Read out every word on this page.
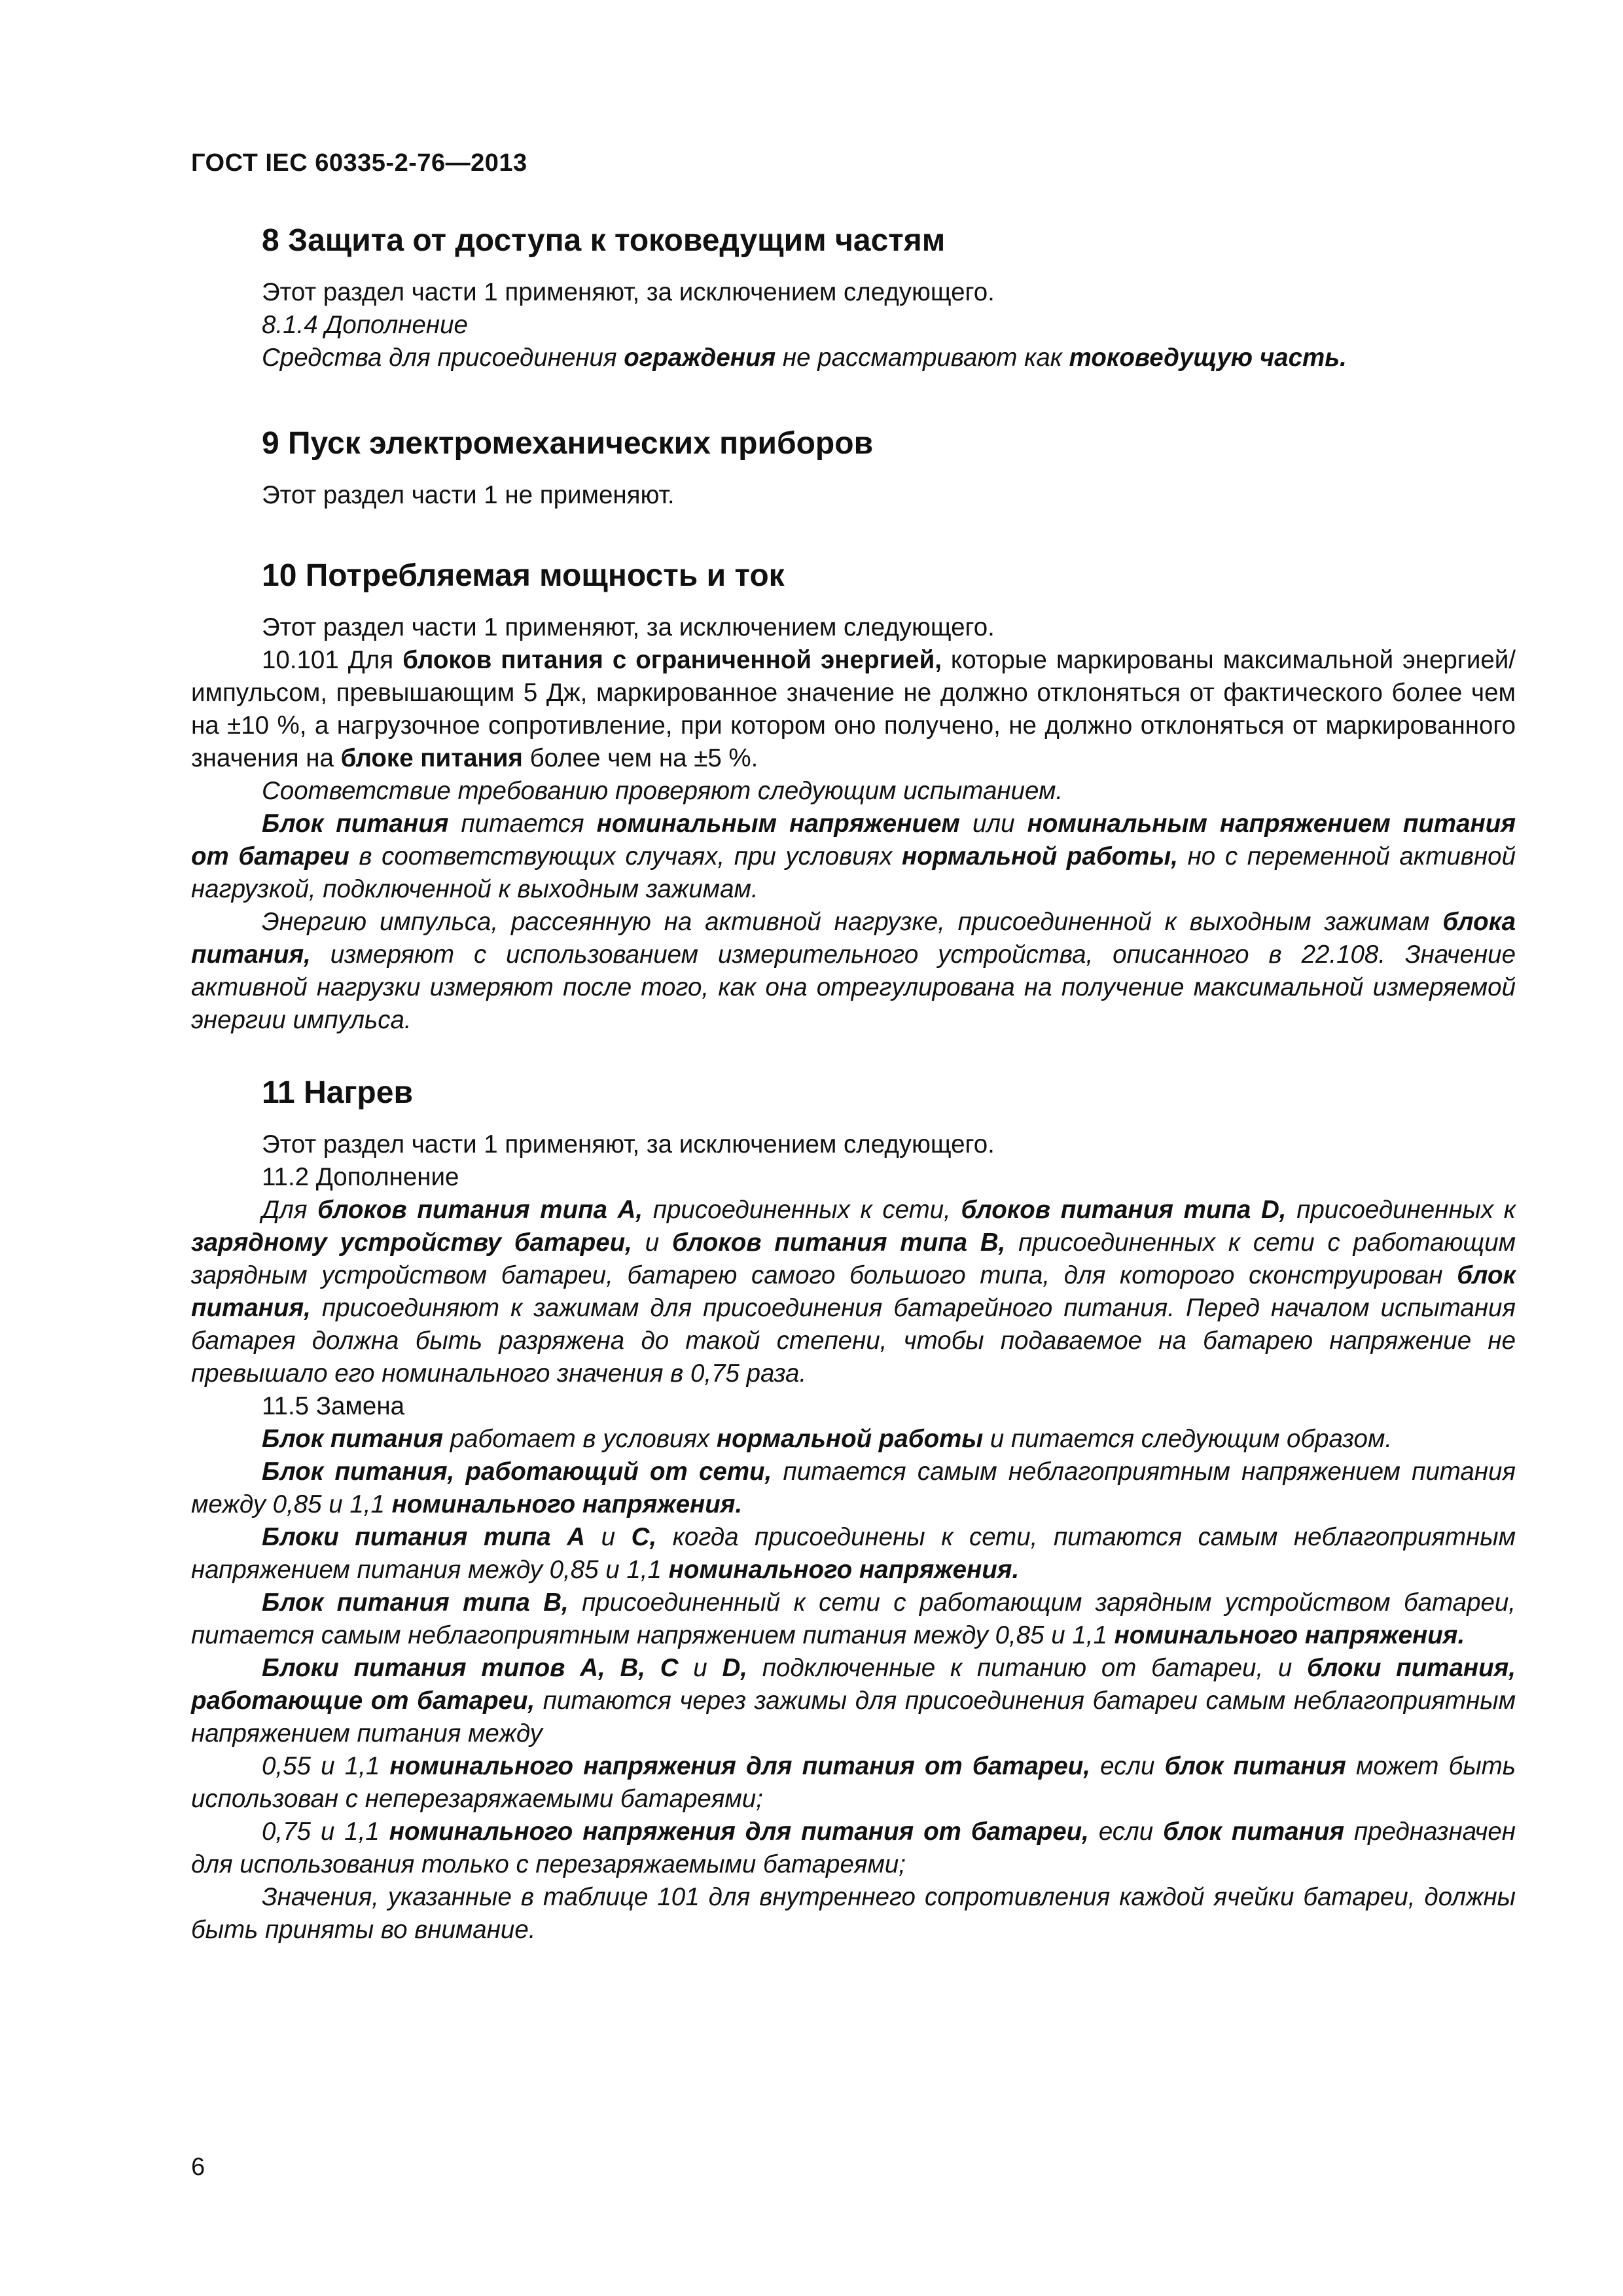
ГОСТ IEC 60335-2-76—2013
8 Защита от доступа к токоведущим частям

Этот раздел части 1 применяют, за исключением следующего.

8.1.4 Дополнение

Средства для присоединения ограждения не рассматривают как токоведущую часть.

9 Пуск электромеханических приборов

Этот раздел части 1 не применяют.

10 Потребляемая мощность и ток

Этот раздел части 1 применяют, за исключением следующего.

10.101 Для блоков питания с ограниченной энергией, которые маркированы максимальной энергией/импульсом, превышающим 5 Дж, маркированное значение не должно отклоняться от фактического более чем на ±10 %, а нагрузочное сопротивление, при котором оно получено, не должно отклоняться от маркированного значения на блоке питания более чем на ±5 %.

Соответствие требованию проверяют следующим испытанием.

Блок питания питается номинальным напряжением или номинальным напряжением питания от батареи в соответствующих случаях, при условиях нормальной работы, но с переменной активной нагрузкой, подключенной к выходным зажимам.

Энергию импульса, рассеянную на активной нагрузке, присоединенной к выходным зажимам блока питания, измеряют с использованием измерительного устройства, описанного в 22.108. Значение активной нагрузки измеряют после того, как она отрегулирована на получение максимальной измеряемой энергии импульса.

11 Нагрев

Этот раздел части 1 применяют, за исключением следующего.

11.2 Дополнение

Для блоков питания типа А, присоединенных к сети, блоков питания типа D, присоединенных к зарядному устройству батареи, и блоков питания типа В, присоединенных к сети с работающим зарядным устройством батареи, батарею самого большого типа, для которого сконструирован блок питания, присоединяют к зажимам для присоединения батарейного питания. Перед началом испытания батарея должна быть разряжена до такой степени, чтобы подаваемое на батарею напряжение не превышало его номинального значения в 0,75 раза.

11.5 Замена

Блок питания работает в условиях нормальной работы и питается следующим образом.

Блок питания, работающий от сети, питается самым неблагоприятным напряжением питания между 0,85 и 1,1 номинального напряжения.

Блоки питания типа А и С, когда присоединены к сети, питаются самым неблагоприятным напряжением питания между 0,85 и 1,1 номинального напряжения.

Блок питания типа В, присоединенный к сети с работающим зарядным устройством батареи, питается самым неблагоприятным напряжением питания между 0,85 и 1,1 номинального напряжения.

Блоки питания типов А, В, С и D, подключенные к питанию от батареи, и блоки питания, работающие от батареи, питаются через зажимы для присоединения батареи самым неблагоприятным напряжением питания между

0,55 и 1,1 номинального напряжения для питания от батареи, если блок питания может быть использован с неперезаряжаемыми батареями;

0,75 и 1,1 номинального напряжения для питания от батареи, если блок питания предназначен для использования только с перезаряжаемыми батареями;

Значения, указанные в таблице 101 для внутреннего сопротивления каждой ячейки батареи, должны быть приняты во внимание.

6
